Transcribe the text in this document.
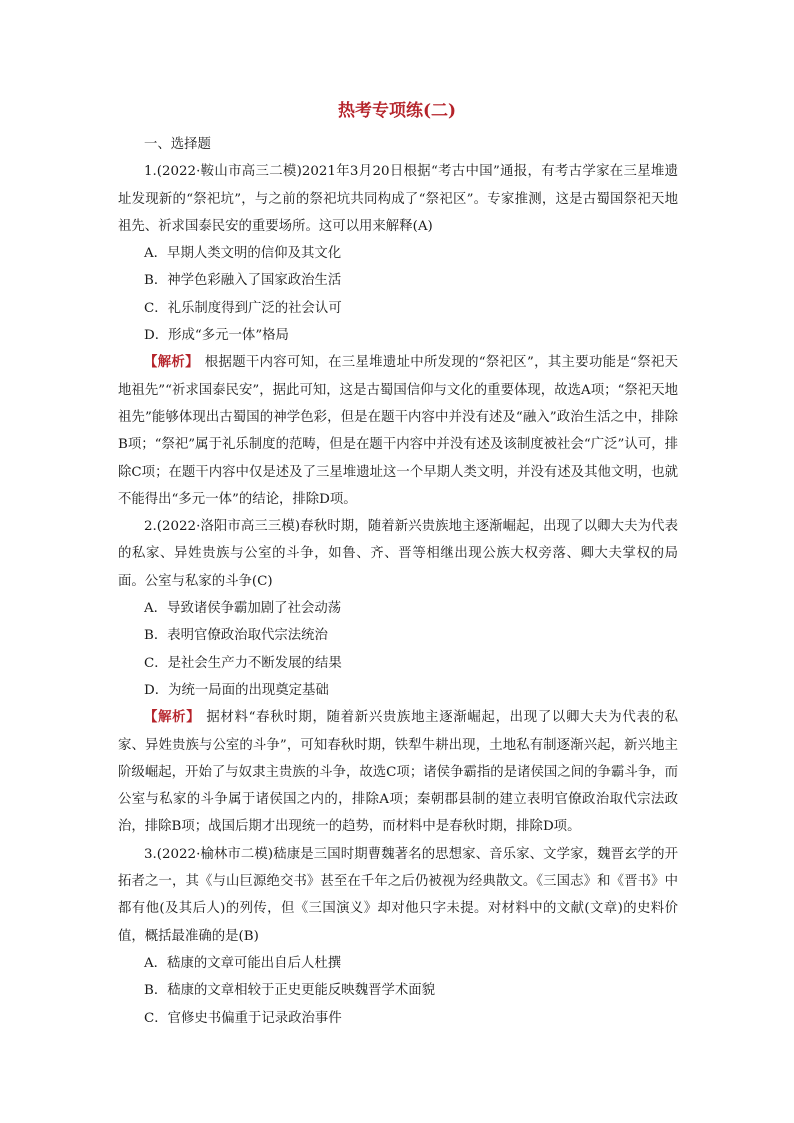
热考专项练(二)

一、选择题

1.(2022·鞍山市高三二模)2021年3月20日根据“考古中国”通报，有考古学家在三星堆遗址发现新的“祭祀坑”，与之前的祭祀坑共同构成了“祭祀区”。专家推测，这是古蜀国祭祀天地祖先、祈求国泰民安的重要场所。这可以用来解释(A)

A．早期人类文明的信仰及其文化

B．神学色彩融入了国家政治生活

C．礼乐制度得到广泛的社会认可

D．形成“多元一体”格局

【解析】 根据题干内容可知，在三星堆遗址中所发现的“祭祀区”，其主要功能是“祭祀天地祖先”“祈求国泰民安”，据此可知，这是古蜀国信仰与文化的重要体现，故选A项；“祭祀天地祖先”能够体现出古蜀国的神学色彩，但是在题干内容中并没有述及“融入”政治生活之中，排除B项；“祭祀”属于礼乐制度的范畴，但是在题干内容中并没有述及该制度被社会“广泛”认可，排除C项；在题干内容中仅是述及了三星堆遗址这一个早期人类文明，并没有述及其他文明，也就不能得出“多元一体”的结论，排除D项。

2.(2022·洛阳市高三三模)春秋时期，随着新兴贵族地主逐渐崛起，出现了以卿大夫为代表的私家、异姓贵族与公室的斗争，如鲁、齐、晋等相继出现公族大权旁落、卿大夫掌权的局面。公室与私家的斗争(C)

A．导致诸侯争霸加剧了社会动荡

B．表明官僚政治取代宗法统治

C．是社会生产力不断发展的结果

D．为统一局面的出现奠定基础

【解析】 据材料“春秋时期，随着新兴贵族地主逐渐崛起，出现了以卿大夫为代表的私家、异姓贵族与公室的斗争”，可知春秋时期，铁犁牛耕出现，土地私有制逐渐兴起，新兴地主阶级崛起，开始了与奴隶主贵族的斗争，故选C项；诸侯争霸指的是诸侯国之间的争霸斗争，而公室与私家的斗争属于诸侯国之内的，排除A项；秦朝郡县制的建立表明官僚政治取代宗法政治，排除B项；战国后期才出现统一的趋势，而材料中是春秋时期，排除D项。

3.(2022·榆林市二模)嵇康是三国时期曹魏著名的思想家、音乐家、文学家，魏晋玄学的开拓者之一，其《与山巨源绝交书》甚至在千年之后仍被视为经典散文。《三国志》和《晋书》中都有他(及其后人)的列传，但《三国演义》却对他只字未提。对材料中的文献(文章)的史料价值，概括最准确的是(B)

A．嵇康的文章可能出自后人杜撰

B．嵇康的文章相较于正史更能反映魏晋学术面貌

C．官修史书偏重于记录政治事件
